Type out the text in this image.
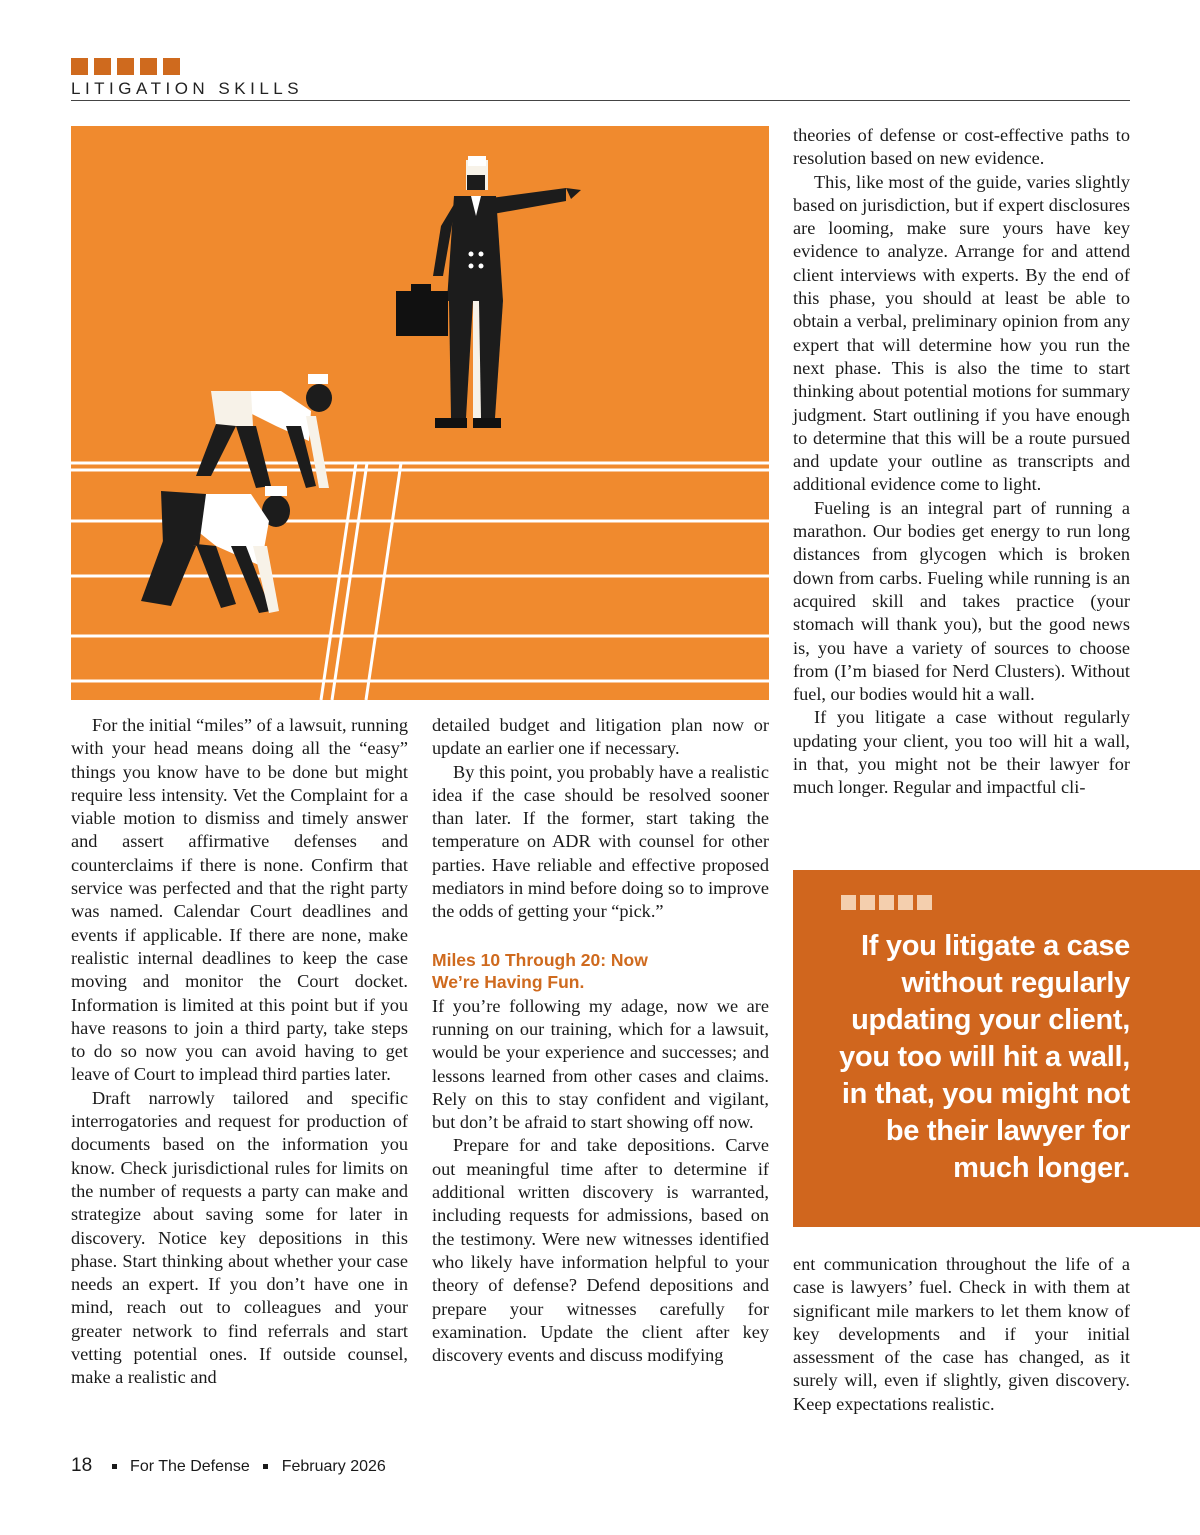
LITIGATION SKILLS

For the initial “miles” of a lawsuit, running with your head means doing all the “easy” things you know have to be done but might require less intensity. Vet the Complaint for a viable motion to dismiss and timely answer and assert affirmative defenses and counterclaims if there is none. Confirm that service was perfected and that the right party was named. Calendar Court deadlines and events if applicable. If there are none, make realistic internal deadlines to keep the case moving and monitor the Court docket. Information is limited at this point but if you have reasons to join a third party, take steps to do so now you can avoid having to get leave of Court to implead third parties later.

Draft narrowly tailored and specific interrogatories and request for production of documents based on the information you know. Check jurisdictional rules for limits on the number of requests a party can make and strategize about saving some for later in discovery. Notice key depositions in this phase. Start thinking about whether your case needs an expert. If you don’t have one in mind, reach out to colleagues and your greater network to find referrals and start vetting potential ones. If outside counsel, make a realistic and

detailed budget and litigation plan now or update an earlier one if necessary.

By this point, you probably have a realistic idea if the case should be resolved sooner than later. If the former, start taking the temperature on ADR with counsel for other parties. Have reliable and effective proposed mediators in mind before doing so to improve the odds of getting your “pick.”

Miles 10 Through 20: Now
We’re Having Fun.

If you’re following my adage, now we are running on our training, which for a lawsuit, would be your experience and successes; and lessons learned from other cases and claims. Rely on this to stay confident and vigilant, but don’t be afraid to start showing off now.

Prepare for and take depositions. Carve out meaningful time after to determine if additional written discovery is warranted, including requests for admissions, based on the testimony. Were new witnesses identified who likely have information helpful to your theory of defense? Defend depositions and prepare your witnesses carefully for examination. Update the client after key discovery events and discuss modifying

theories of defense or cost-effective paths to resolution based on new evidence.

This, like most of the guide, varies slightly based on jurisdiction, but if expert disclosures are looming, make sure yours have key evidence to analyze. Arrange for and attend client interviews with experts. By the end of this phase, you should at least be able to obtain a verbal, preliminary opinion from any expert that will determine how you run the next phase. This is also the time to start thinking about potential motions for summary judgment. Start outlining if you have enough to determine that this will be a route pursued and update your outline as transcripts and additional evidence come to light.

Fueling is an integral part of running a marathon. Our bodies get energy to run long distances from glycogen which is broken down from carbs. Fueling while running is an acquired skill and takes practice (your stomach will thank you), but the good news is, you have a variety of sources to choose from (I’m biased for Nerd Clusters). Without fuel, our bodies would hit a wall.

If you litigate a case without regularly updating your client, you too will hit a wall, in that, you might not be their lawyer for much longer. Regular and impactful cli-

If you litigate a case without regularly updating your client, you too will hit a wall, in that, you might not be their lawyer for much longer.

ent communication throughout the life of a case is lawyers’ fuel. Check in with them at significant mile markers to let them know of key developments and if your initial assessment of the case has changed, as it surely will, even if slightly, given discovery. Keep expectations realistic.

18 For The Defense February 2026
